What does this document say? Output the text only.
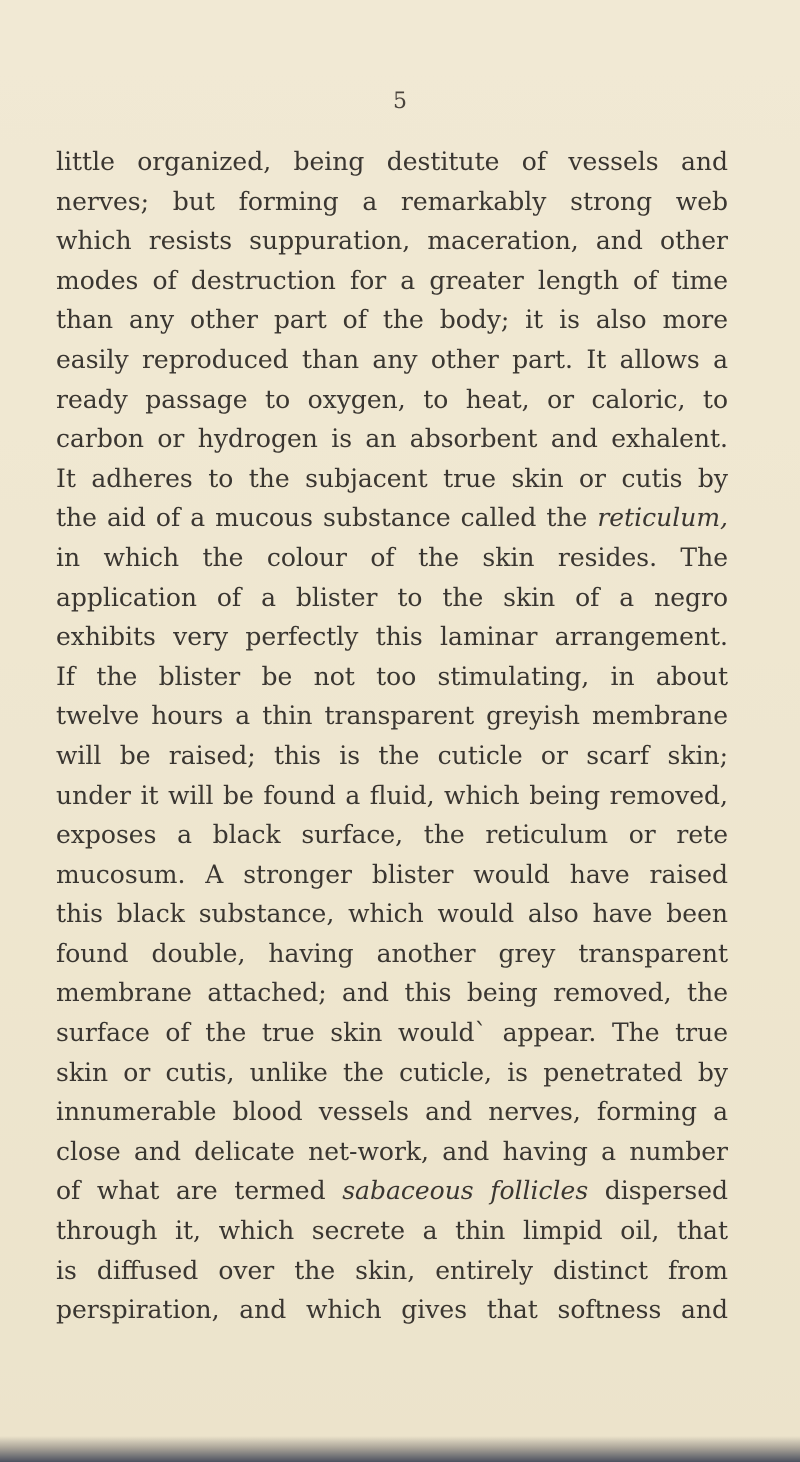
5
little organized, being destitute of vessels and
nerves; but forming a remarkably strong web
which resists suppuration, maceration, and other
modes of destruction for a greater length of time
than any other part of the body; it is also more
easily reproduced than any other part. It allows a
ready passage to oxygen, to heat, or caloric, to
carbon or hydrogen is an absorbent and exhalent.
It adheres to the subjacent true skin or cutis by
the aid of a mucous substance called the reticulum,
in which the colour of the skin resides. The
application of a blister to the skin of a negro
exhibits very perfectly this laminar arrangement.
If the blister be not too stimulating, in about
twelve hours a thin transparent greyish membrane
will be raised; this is the cuticle or scarf skin;
under it will be found a fluid, which being removed,
exposes a black surface, the reticulum or rete
mucosum. A stronger blister would have raised
this black substance, which would also have been
found double, having another grey transparent
membrane attached; and this being removed, the
surface of the true skin would` appear. The true
skin or cutis, unlike the cuticle, is penetrated by
innumerable blood vessels and nerves, forming a
close and delicate net-work, and having a number
of what are termed sabaceous follicles dispersed
through it, which secrete a thin limpid oil, that
is diffused over the skin, entirely distinct from
perspiration, and which gives that softness and
